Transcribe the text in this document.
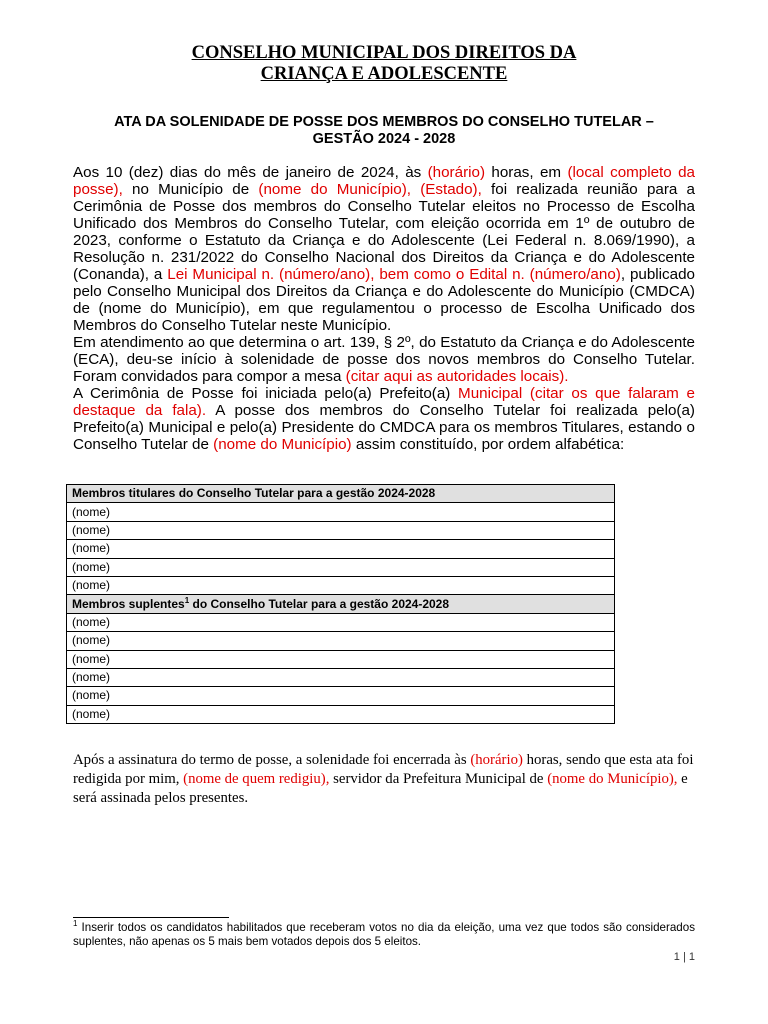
CONSELHO MUNICIPAL DOS DIREITOS DA
CRIANÇA E ADOLESCENTE
ATA DA SOLENIDADE DE POSSE DOS MEMBROS DO CONSELHO TUTELAR –
GESTÃO 2024 - 2028

Aos 10 (dez) dias do mês de janeiro de 2024, às (horário) horas, em (local completo da posse), no Município de (nome do Município), (Estado), foi realizada reunião para a Cerimônia de Posse dos membros do Conselho Tutelar eleitos no Processo de Escolha Unificado dos Membros do Conselho Tutelar, com eleição ocorrida em 1º de outubro de 2023, conforme o Estatuto da Criança e do Adolescente (Lei Federal n. 8.069/1990), a Resolução n. 231/2022 do Conselho Nacional dos Direitos da Criança e do Adolescente (Conanda), a Lei Municipal n. (número/ano), bem como o Edital n. (número/ano), publicado pelo Conselho Municipal dos Direitos da Criança e do Adolescente do Município (CMDCA) de (nome do Município), em que regulamentou o processo de Escolha Unificado dos Membros do Conselho Tutelar neste Município.

Em atendimento ao que determina o art. 139, § 2º, do Estatuto da Criança e do Adolescente (ECA), deu-se início à solenidade de posse dos novos membros do Conselho Tutelar. Foram convidados para compor a mesa (citar aqui as autoridades locais).

A Cerimônia de Posse foi iniciada pelo(a) Prefeito(a) Municipal (citar os que falaram e destaque da fala). A posse dos membros do Conselho Tutelar foi realizada pelo(a) Prefeito(a) Municipal e pelo(a) Presidente do CMDCA para os membros Titulares, estando o Conselho Tutelar de (nome do Município) assim constituído, por ordem alfabética:

Membros titulares do Conselho Tutelar para a gestão 2024-2028
(nome)
(nome)
(nome)
(nome)
(nome)
Membros suplentes$^1$ do Conselho Tutelar para a gestão 2024-2028
(nome)
(nome)
(nome)
(nome)
(nome)
(nome)

Após a assinatura do termo de posse, a solenidade foi encerrada às (horário) horas, sendo que esta ata foi redigida por mim, (nome de quem redigiu), servidor da Prefeitura Municipal de (nome do Município), e será assinada pelos presentes.

$^1$ Inserir todos os candidatos habilitados que receberam votos no dia da eleição, uma vez que todos são considerados suplentes, não apenas os 5 mais bem votados depois dos 5 eleitos.

1 | 1
